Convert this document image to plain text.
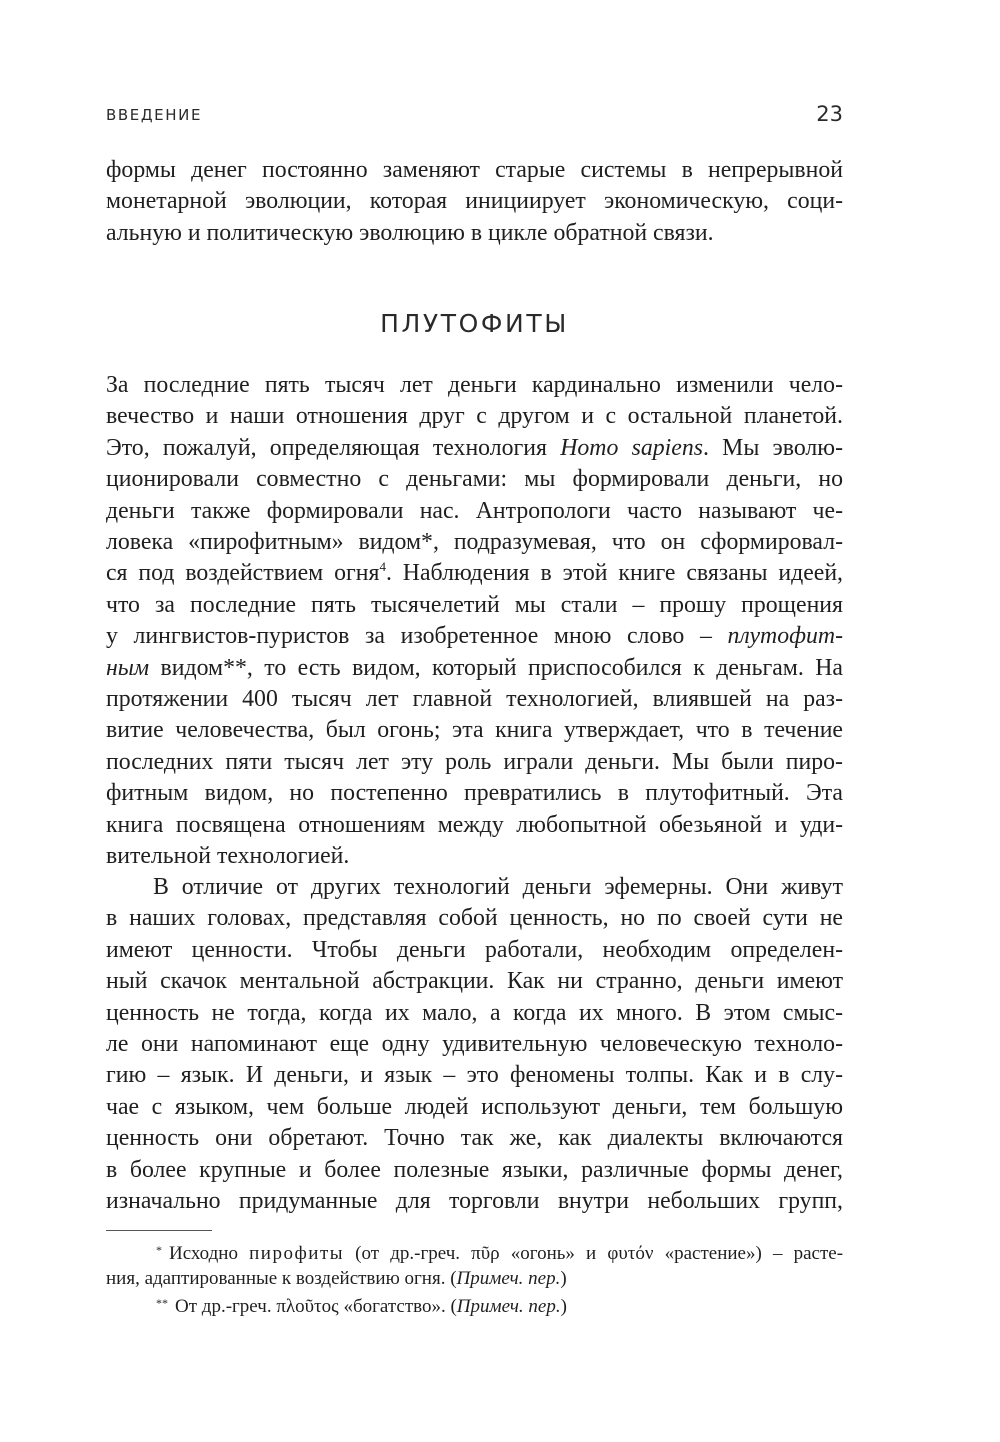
ВВЕДЕНИЕ	23
формы денег постоянно заменяют старые системы в непрерывной
монетарной эволюции, которая инициирует экономическую, соци-
альную и политическую эволюцию в цикле обратной связи.
ПЛУТОФИТЫ
За последние пять тысяч лет деньги кардинально изменили чело-
вечество и наши отношения друг с другом и с остальной планетой.
Это, пожалуй, определяющая технология Homo sapiens. Мы эволю-
ционировали совместно с деньгами: мы формировали деньги, но
деньги также формировали нас. Антропологи часто называют че-
ловека «пирофитным» видом*, подразумевая, что он сформировал-
ся под воздействием огня$^4$. Наблюдения в этой книге связаны идеей,
что за последние пять тысячелетий мы стали – прошу прощения
у лингвистов-пуристов за изобретенное мною слово – плутофит-
ным видом**, то есть видом, который приспособился к деньгам. На
протяжении 400 тысяч лет главной технологией, влиявшей на раз-
витие человечества, был огонь; эта книга утверждает, что в течение
последних пяти тысяч лет эту роль играли деньги. Мы были пиро-
фитным видом, но постепенно превратились в плутофитный. Эта
книга посвящена отношениям между любопытной обезьяной и уди-
вительной технологией.
В отличие от других технологий деньги эфемерны. Они живут
в наших головах, представляя собой ценность, но по своей сути не
имеют ценности. Чтобы деньги работали, необходим определен-
ный скачок ментальной абстракции. Как ни странно, деньги имеют
ценность не тогда, когда их мало, а когда их много. В этом смыс-
ле они напоминают еще одну удивительную человеческую техноло-
гию – язык. И деньги, и язык – это феномены толпы. Как и в слу-
чае с языком, чем больше людей используют деньги, тем большую
ценность они обретают. Точно так же, как диалекты включаются
в более крупные и более полезные языки, различные формы денег,
изначально придуманные для торговли внутри небольших групп,
* Исходно пирофиты (от др.-греч. πῦρ «огонь» и φυτόν «растение») – расте-
ния, адаптированные к воздействию огня. (Примеч. пер.)
** От др.-греч. πλοῦτος «богатство». (Примеч. пер.)
